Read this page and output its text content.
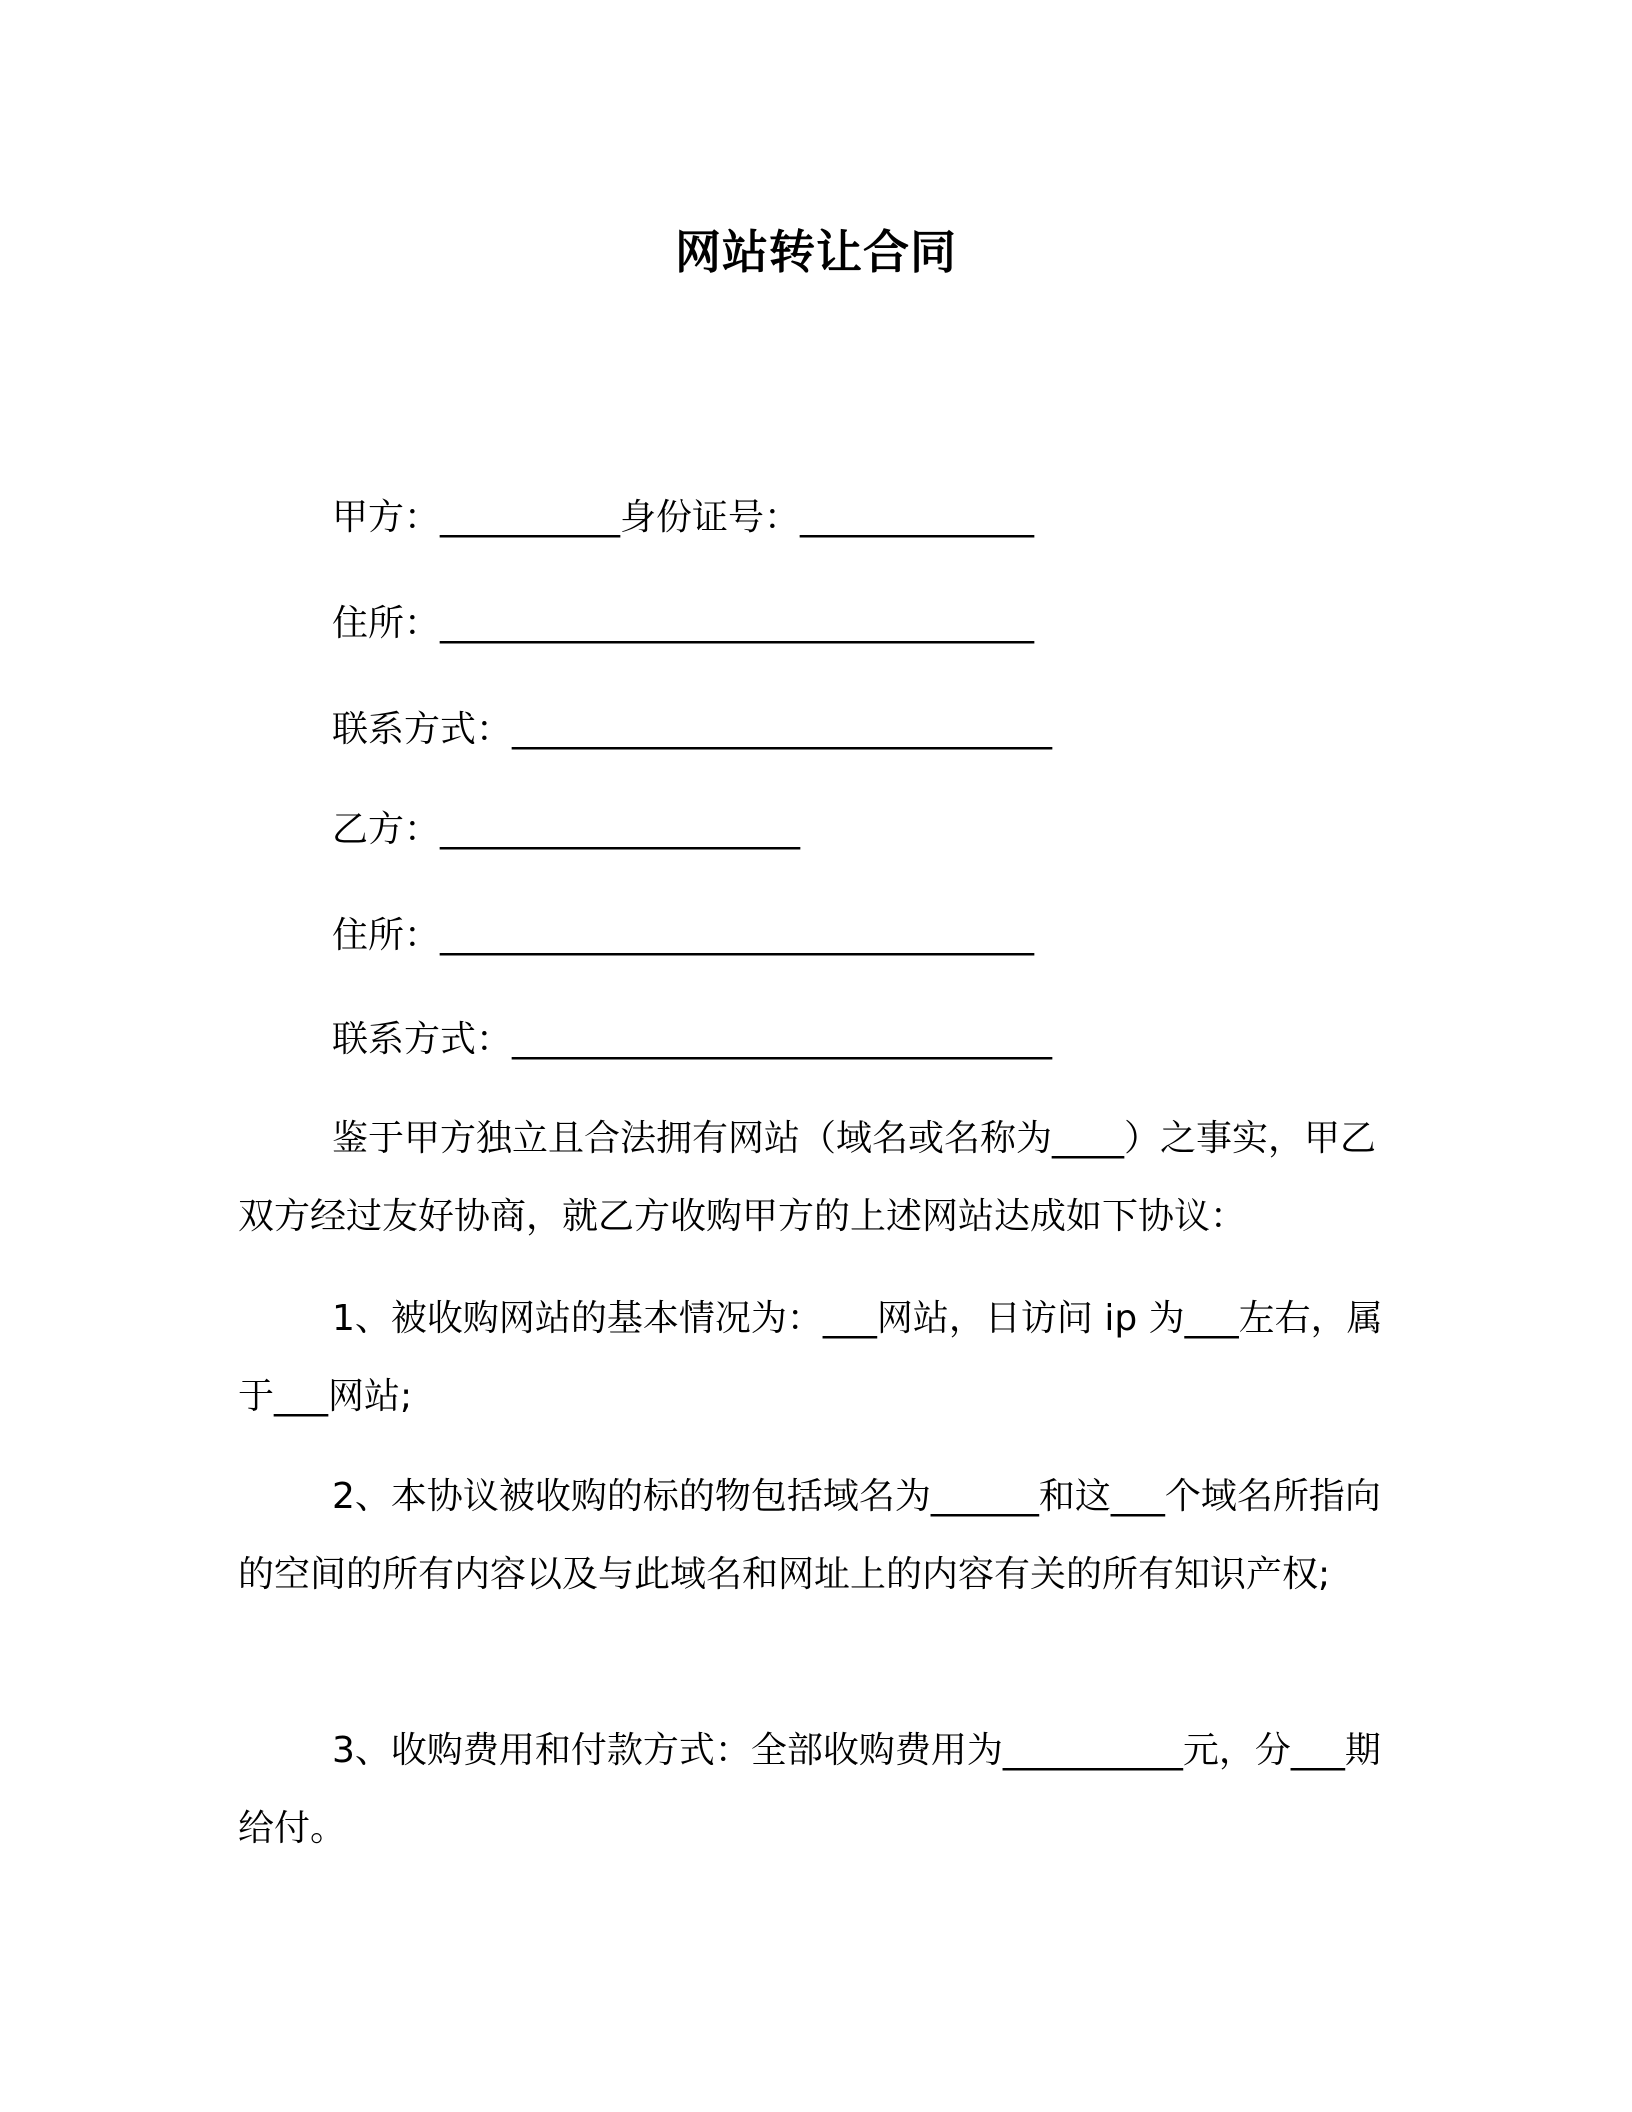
网站转让合同
甲方：__________身份证号：_____________
住所：_________________________________
联系方式：______________________________
乙方：____________________
住所：_________________________________
联系方式：______________________________
鉴于甲方独立且合法拥有网站（域名或名称为____）之事实，甲乙双方经过友好协商，就乙方收购甲方的上述网站达成如下协议：
1、被收购网站的基本情况为：___网站，日访问 ip 为___左右，属于___网站;
2、本协议被收购的标的物包括域名为______和这___个域名所指向的空间的所有内容以及与此域名和网址上的内容有关的所有知识产权;
3、收购费用和付款方式：全部收购费用为__________元，分___期给付。
